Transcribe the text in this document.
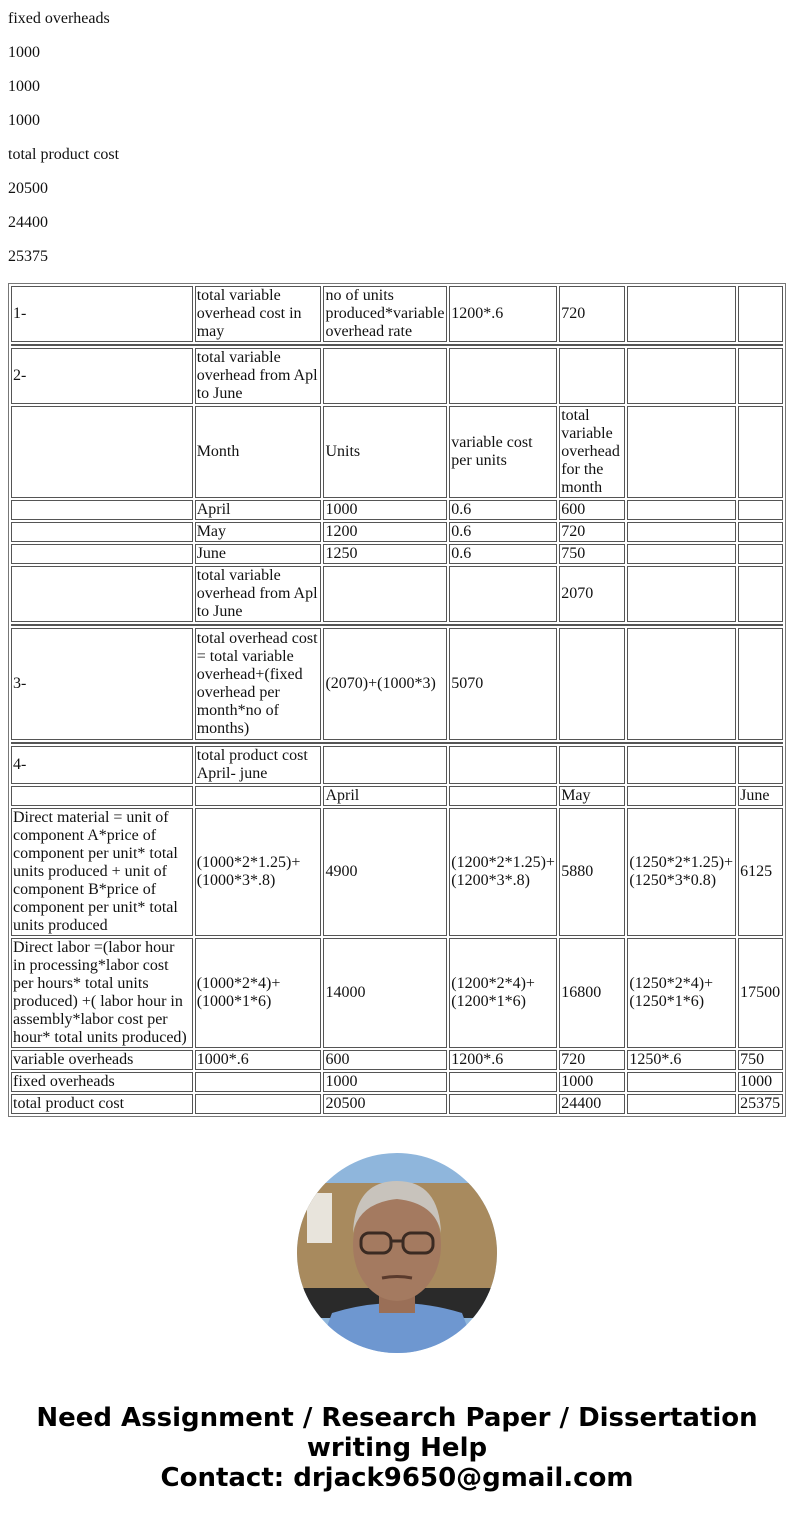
fixed overheads

1000

1000

1000

total product cost

20500

24400

25375

1-	total variable overhead cost in may	no of units produced*variable overhead rate	1200*.6	720		

2-	total variable overhead from Apl to June					
	Month	Units	variable cost per units	total variable overhead for the month		
	April	1000	0.6	600		
	May	1200	0.6	720		
	June	1250	0.6	750		
	total variable overhead from Apl to June			2070		

3-	total overhead cost = total variable overhead+(fixed overhead per month*no of months)	(2070)+(1000*3)	5070			

4-	total product cost April- june					
		April		May		June
Direct material = unit of component A*price of component per unit* total units produced + unit of component B*price of component per unit* total units produced	(1000*2*1.25)+(1000*3*.8)	4900	(1200*2*1.25)+(1200*3*.8)	5880	(1250*2*1.25)+(1250*3*0.8)	6125
Direct labor =(labor hour in processing*labor cost per hours* total units produced) +( labor hour in assembly*labor cost per hour* total units produced)	(1000*2*4)+(1000*1*6)	14000	(1200*2*4)+(1200*1*6)	16800	(1250*2*4)+(1250*1*6)	17500
variable overheads	1000*.6	600	1200*.6	720	1250*.6	750
fixed overheads		1000		1000		1000
total product cost		20500		24400		25375
Need Assignment / Research Paper / Dissertation
writing Help
Contact: drjack9650@gmail.com
